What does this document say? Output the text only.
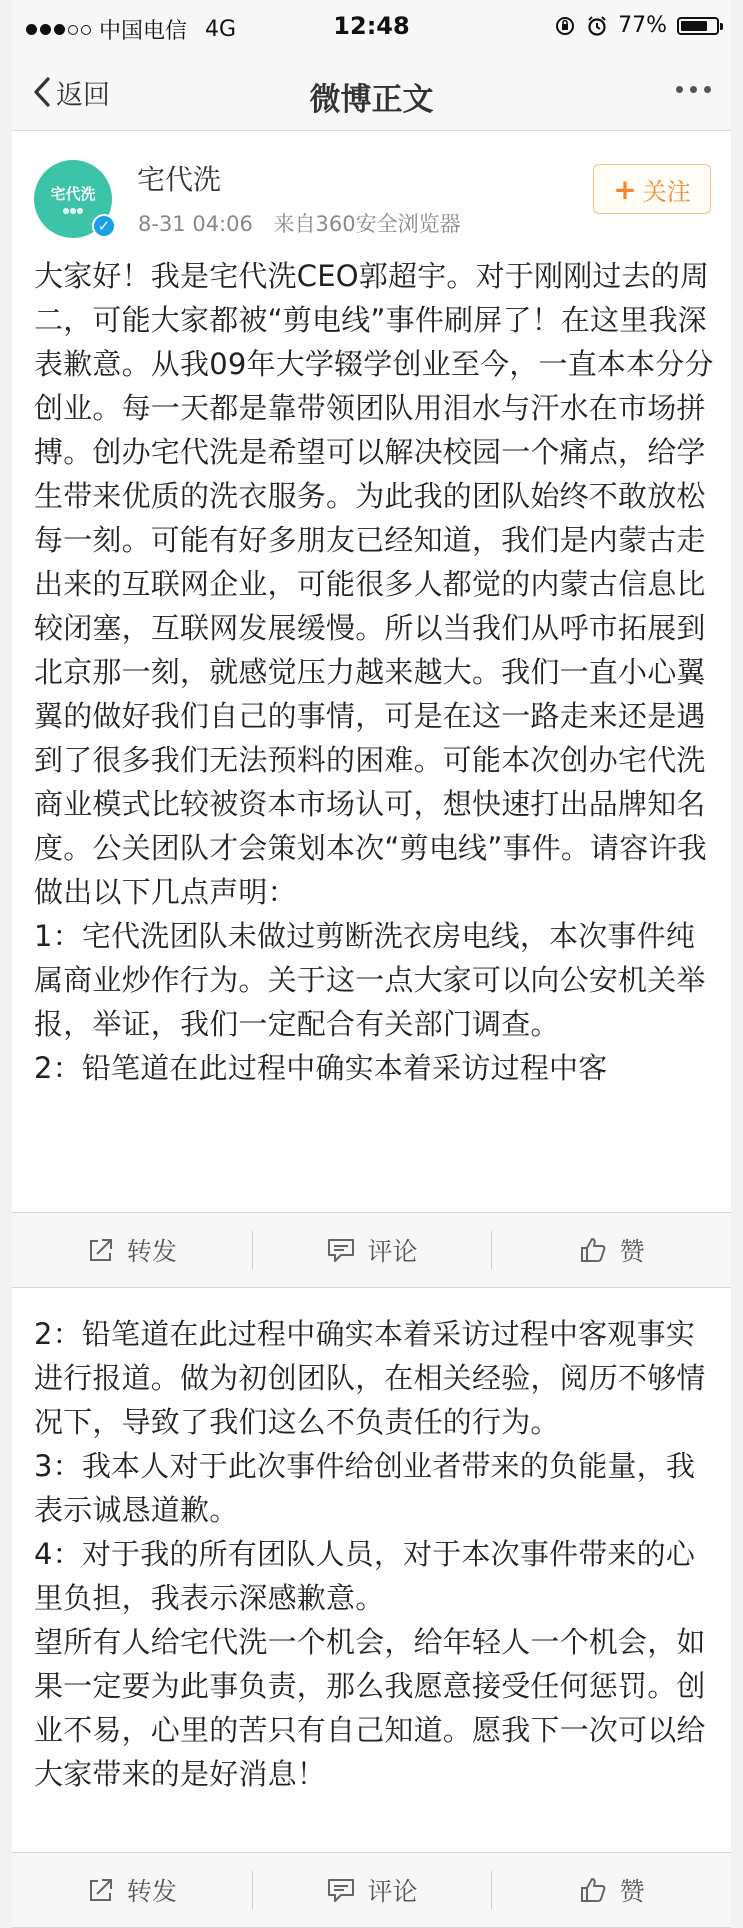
中国电信 4G	12:48	77%
返回	微博正文
宅代洗
●●●
✓
宅代洗
8-31 04:06 来自360安全浏览器
+ 关注
大家好！我是宅代洗CEO郭超宇。对于刚刚过去的周二，可能大家都被“剪电线”事件刷屏了！在这里我深表歉意。从我09年大学辍学创业至今，一直本本分分创业。每一天都是靠带领团队用泪水与汗水在市场拼搏。创办宅代洗是希望可以解决校园一个痛点，给学生带来优质的洗衣服务。为此我的团队始终不敢放松每一刻。可能有好多朋友已经知道，我们是内蒙古走出来的互联网企业，可能很多人都觉的内蒙古信息比较闭塞，互联网发展缓慢。所以当我们从呼市拓展到北京那一刻，就感觉压力越来越大。我们一直小心翼翼的做好我们自己的事情，可是在这一路走来还是遇到了很多我们无法预料的困难。可能本次创办宅代洗商业模式比较被资本市场认可，想快速打出品牌知名度。公关团队才会策划本次“剪电线”事件。请容许我做出以下几点声明：
1：宅代洗团队未做过剪断洗衣房电线，本次事件纯属商业炒作行为。关于这一点大家可以向公安机关举报，举证，我们一定配合有关部门调查。
2：铅笔道在此过程中确实本着采访过程中客
转发	评论	赞
2：铅笔道在此过程中确实本着采访过程中客观事实进行报道。做为初创团队，在相关经验，阅历不够情况下，导致了我们这么不负责任的行为。
3：我本人对于此次事件给创业者带来的负能量，我表示诚恳道歉。
4：对于我的所有团队人员，对于本次事件带来的心里负担，我表示深感歉意。
望所有人给宅代洗一个机会，给年轻人一个机会，如果一定要为此事负责，那么我愿意接受任何惩罚。创业不易，心里的苦只有自己知道。愿我下一次可以给大家带来的是好消息！
转发	评论	赞
